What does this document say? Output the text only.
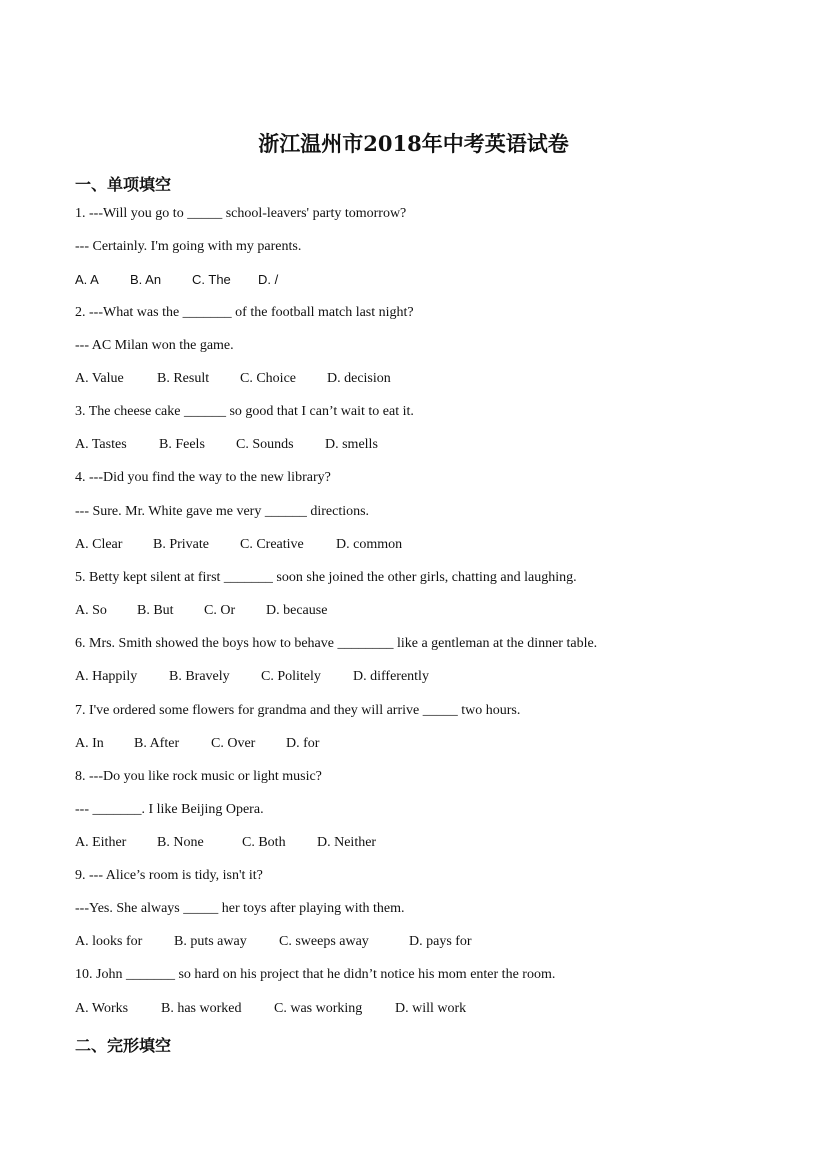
浙江温州市2018年中考英语试卷
一、单项填空
1. ---Will you go to _____ school-leavers' party tomorrow?
--- Certainly. I'm going with my parents.
A. A B. An C. The D. /
2. ---What was the _______ of the football match last night?
--- AC Milan won the game.
A. Value B. Result C. Choice D. decision
3. The cheese cake ______ so good that I can’t wait to eat it.
A. Tastes B. Feels C. Sounds D. smells
4. ---Did you find the way to the new library?
--- Sure. Mr. White gave me very ______ directions.
A. Clear B. Private C. Creative D. common
5. Betty kept silent at first _______ soon she joined the other girls, chatting and laughing.
A. So B. But C. Or D. because
6. Mrs. Smith showed the boys how to behave ________ like a gentleman at the dinner table.
A. Happily B. Bravely C. Politely D. differently
7. I've ordered some flowers for grandma and they will arrive _____ two hours.
A. In B. After C. Over D. for
8. ---Do you like rock music or light music?
--- _______. I like Beijing Opera.
A. Either B. None	C. Both D. Neither
9. --- Alice’s room is tidy, isn't it?
---Yes. She always _____ her toys after playing with them.
A. looks for B. puts away C. sweeps away	D. pays for
10. John _______ so hard on his project that he didn’t notice his mom enter the room.
A. Works B. has worked C. was working D. will work
二、完形填空
